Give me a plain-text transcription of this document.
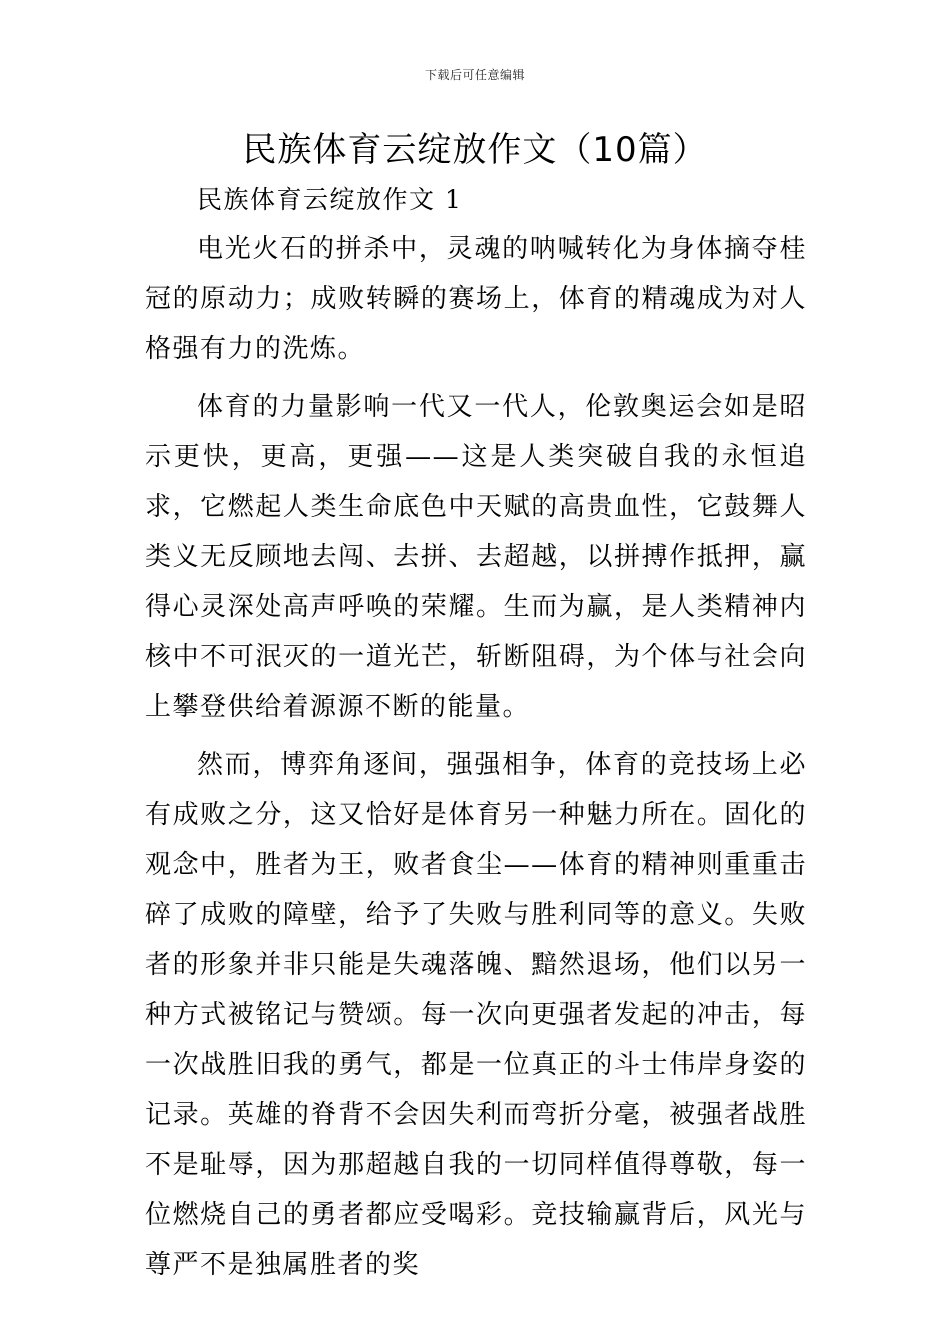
下载后可任意编辑
民族体育云绽放作文（10篇）
民族体育云绽放作文 1

电光火石的拼杀中，灵魂的呐喊转化为身体摘夺桂冠的原动力；成败转瞬的赛场上，体育的精魂成为对人格强有力的洗炼。

体育的力量影响一代又一代人，伦敦奥运会如是昭示更快，更高，更强——这是人类突破自我的永恒追求，它燃起人类生命底色中天赋的高贵血性，它鼓舞人类义无反顾地去闯、去拼、去超越，以拼搏作抵押，赢得心灵深处高声呼唤的荣耀。生而为赢，是人类精神内核中不可泯灭的一道光芒，斩断阻碍，为个体与社会向上攀登供给着源源不断的能量。

然而，博弈角逐间，强强相争，体育的竞技场上必有成败之分，这又恰好是体育另一种魅力所在。固化的观念中，胜者为王，败者食尘——体育的精神则重重击碎了成败的障壁，给予了失败与胜利同等的意义。失败者的形象并非只能是失魂落魄、黯然退场，他们以另一种方式被铭记与赞颂。每一次向更强者发起的冲击，每一次战胜旧我的勇气，都是一位真正的斗士伟岸身姿的记录。英雄的脊背不会因失利而弯折分毫，被强者战胜不是耻辱，因为那超越自我的一切同样值得尊敬，每一位燃烧自己的勇者都应受喝彩。竞技输赢背后，风光与尊严不是独属胜者的奖
